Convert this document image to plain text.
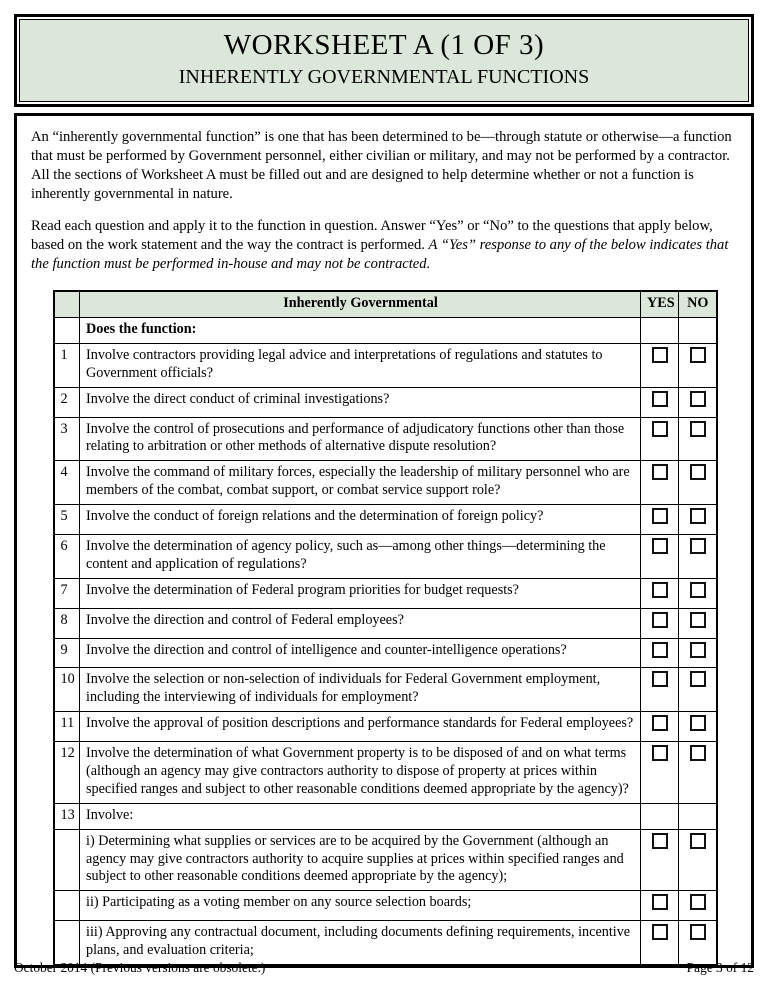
WORKSHEET A (1 OF 3)
INHERENTLY GOVERNMENTAL FUNCTIONS

An “inherently governmental function” is one that has been determined to be—through statute or otherwise—a function that must be performed by Government personnel, either civilian or military, and may not be performed by a contractor. All the sections of Worksheet A must be filled out and are designed to help determine whether or not a function is inherently governmental in nature.

Read each question and apply it to the function in question. Answer “Yes” or “No” to the questions that apply below, based on the work statement and the way the contract is performed. A “Yes” response to any of the below indicates that the function must be performed in-house and may not be contracted.

	Inherently Governmental	YES	NO
	Does the function:		
1	Involve contractors providing legal advice and interpretations of regulations and statutes to Government officials?		
2	Involve the direct conduct of criminal investigations?		
3	Involve the control of prosecutions and performance of adjudicatory functions other than those relating to arbitration or other methods of alternative dispute resolution?		
4	Involve the command of military forces, especially the leadership of military personnel who are members of the combat, combat support, or combat service support role?		
5	Involve the conduct of foreign relations and the determination of foreign policy?		
6	Involve the determination of agency policy, such as—among other things—determining the content and application of regulations?		
7	Involve the determination of Federal program priorities for budget requests?		
8	Involve the direction and control of Federal employees?		
9	Involve the direction and control of intelligence and counter-intelligence operations?		
10	Involve the selection or non-selection of individuals for Federal Government employment, including the interviewing of individuals for employment?		
11	Involve the approval of position descriptions and performance standards for Federal employees?		
12	Involve the determination of what Government property is to be disposed of and on what terms (although an agency may give contractors authority to dispose of property at prices within specified ranges and subject to other reasonable conditions deemed appropriate by the agency)?		
13	Involve:		
	i) Determining what supplies or services are to be acquired by the Government (although an agency may give contractors authority to acquire supplies at prices within specified ranges and subject to other reasonable conditions deemed appropriate by the agency);		
	ii) Participating as a voting member on any source selection boards;		
	iii) Approving any contractual document, including documents defining requirements, incentive plans, and evaluation criteria;		
October 2014 (Previous versions are obsolete.)	Page 3 of 12
